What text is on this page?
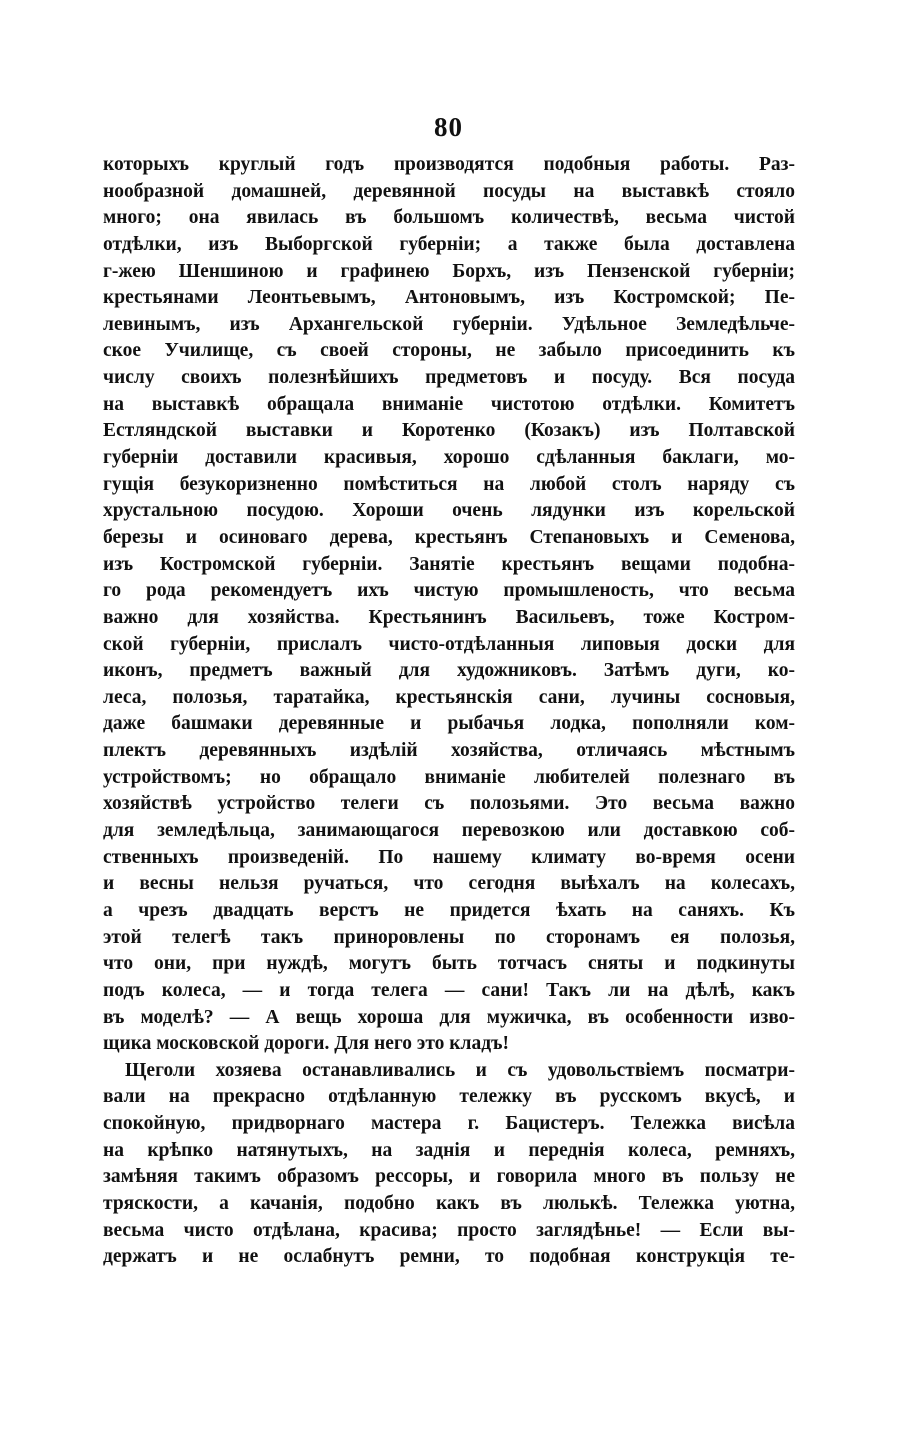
80
которыхъ круглый годъ производятся подобныя работы. Раз-
нообразной домашней, деревянной посуды на выставкѣ стояло
много; она явилась въ большомъ количествѣ, весьма чистой
отдѣлки, изъ Выборгской губерніи; а также была доставлена
г-жею Шеншиною и графинею Борхъ, изъ Пензенской губерніи;
крестьянами Леонтьевымъ, Антоновымъ, изъ Костромской; Пе-
левинымъ, изъ Архангельской губерніи. Удѣльное Земледѣльче-
ское Училище, съ своей стороны, не забыло присоединить къ
числу своихъ полезнѣйшихъ предметовъ и посуду. Вся посуда
на выставкѣ обращала вниманіе чистотою отдѣлки. Комитетъ
Естляндской выставки и Коротенко (Козакъ) изъ Полтавской
губерніи доставили красивыя, хорошо сдѣланныя баклаги, мо-
гущія безукоризненно помѣститься на любой столъ наряду съ
хрустальною посудою. Хороши очень лядунки изъ корельской
березы и осиноваго дерева, крестьянъ Степановыхъ и Семенова,
изъ Костромской губерніи. Занятіе крестьянъ вещами подобна-
го рода рекомендуетъ ихъ чистую промышленость, что весьма
важно для хозяйства. Крестьянинъ Васильевъ, тоже Костром-
ской губерніи, прислалъ чисто-отдѣланныя липовыя доски для
иконъ, предметъ важный для художниковъ. Затѣмъ дуги, ко-
леса, полозья, таратайка, крестьянскія сани, лучины сосновыя,
даже башмаки деревянные и рыбачья лодка, пополняли ком-
плектъ деревянныхъ издѣлій хозяйства, отличаясь мѣстнымъ
устройствомъ; но обращало вниманіе любителей полезнаго въ
хозяйствѣ устройство телеги съ полозьями. Это весьма важно
для земледѣльца, занимающагося перевозкою или доставкою соб-
ственныхъ произведеній. По нашему климату во-время осени
и весны нельзя ручаться, что сегодня выѣхалъ на колесахъ,
а чрезъ двадцать верстъ не придется ѣхать на саняхъ. Къ
этой телегѣ такъ приноровлены по сторонамъ ея полозья,
что они, при нуждѣ, могутъ быть тотчасъ сняты и подкинуты
подъ колеса, — и тогда телега — сани! Такъ ли на дѣлѣ, какъ
въ моделѣ? — А вещь хороша для мужичка, въ особенности изво-
щика московской дороги. Для него это кладъ!
Щеголи хозяева останавливались и съ удовольствіемъ посматри-
вали на прекрасно отдѣланную тележку въ русскомъ вкусѣ, и
спокойную, придворнаго мастера г. Бацистеръ. Тележка висѣла
на крѣпко натянутыхъ, на заднія и переднія колеса, ремняхъ,
замѣняя такимъ образомъ рессоры, и говорила много въ пользу не
тряскости, а качанія, подобно какъ въ люлькѣ. Тележка уютна,
весьма чисто отдѣлана, красива; просто заглядѣнье! — Если вы-
держатъ и не ослабнутъ ремни, то подобная конструкція те-
